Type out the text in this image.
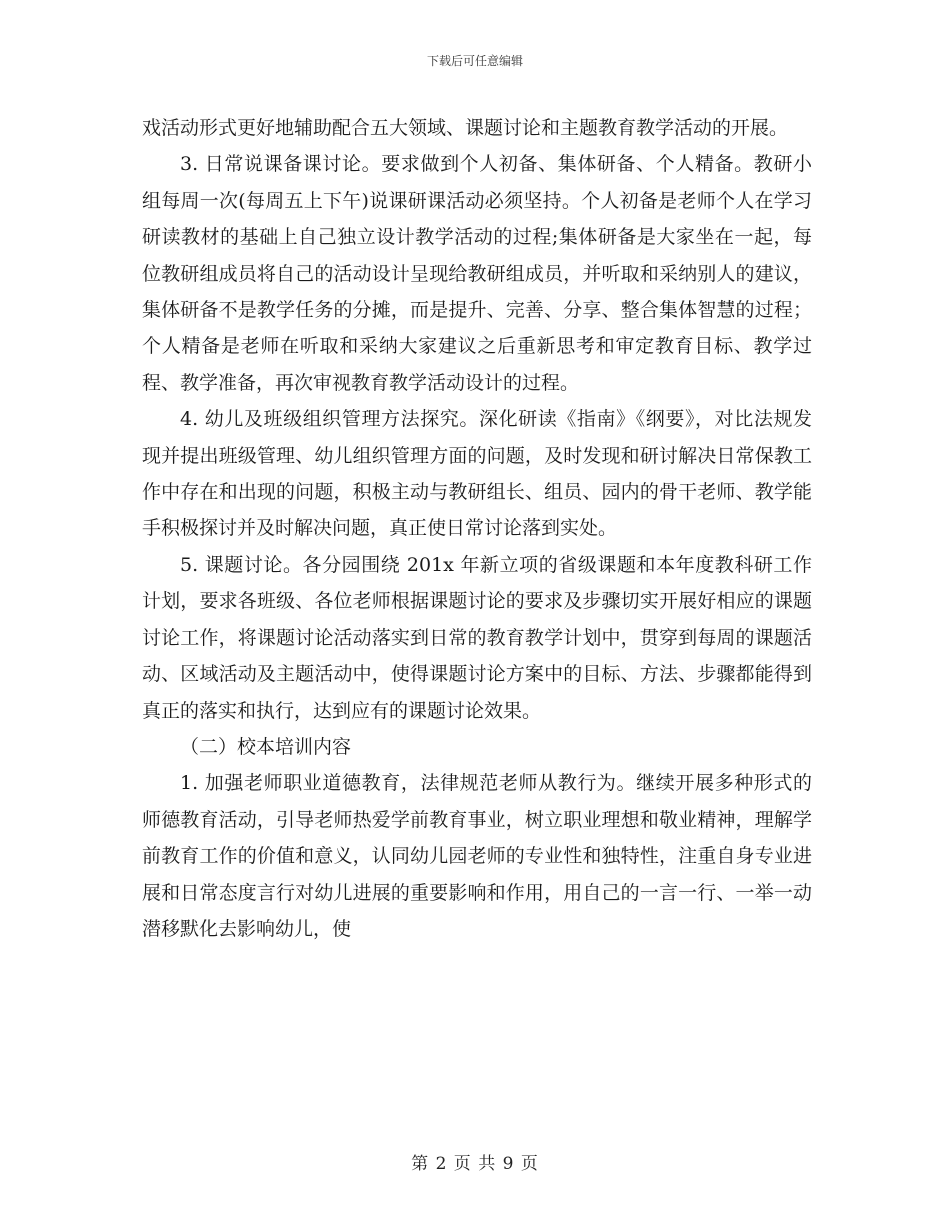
下载后可任意编辑

戏活动形式更好地辅助配合五大领域、课题讨论和主题教育教学活动的开展。

3. 日常说课备课讨论。要求做到个人初备、集体研备、个人精备。教研小组每周一次(每周五上下午)说课研课活动必须坚持。个人初备是老师个人在学习研读教材的基础上自己独立设计教学活动的过程;集体研备是大家坐在一起，每位教研组成员将自己的活动设计呈现给教研组成员，并听取和采纳别人的建议，集体研备不是教学任务的分摊，而是提升、完善、分享、整合集体智慧的过程；个人精备是老师在听取和采纳大家建议之后重新思考和审定教育目标、教学过程、教学准备，再次审视教育教学活动设计的过程。

4. 幼儿及班级组织管理方法探究。深化研读《指南》《纲要》，对比法规发现并提出班级管理、幼儿组织管理方面的问题，及时发现和研讨解决日常保教工作中存在和出现的问题，积极主动与教研组长、组员、园内的骨干老师、教学能手积极探讨并及时解决问题，真正使日常讨论落到实处。

5. 课题讨论。各分园围绕 201x 年新立项的省级课题和本年度教科研工作计划，要求各班级、各位老师根据课题讨论的要求及步骤切实开展好相应的课题讨论工作，将课题讨论活动落实到日常的教育教学计划中，贯穿到每周的课题活动、区域活动及主题活动中，使得课题讨论方案中的目标、方法、步骤都能得到真正的落实和执行，达到应有的课题讨论效果。

（二）校本培训内容

1. 加强老师职业道德教育，法律规范老师从教行为。继续开展多种形式的师德教育活动，引导老师热爱学前教育事业，树立职业理想和敬业精神，理解学前教育工作的价值和意义，认同幼儿园老师的专业性和独特性，注重自身专业进展和日常态度言行对幼儿进展的重要影响和作用，用自己的一言一行、一举一动潜移默化去影响幼儿，使

第 2 页 共 9 页
